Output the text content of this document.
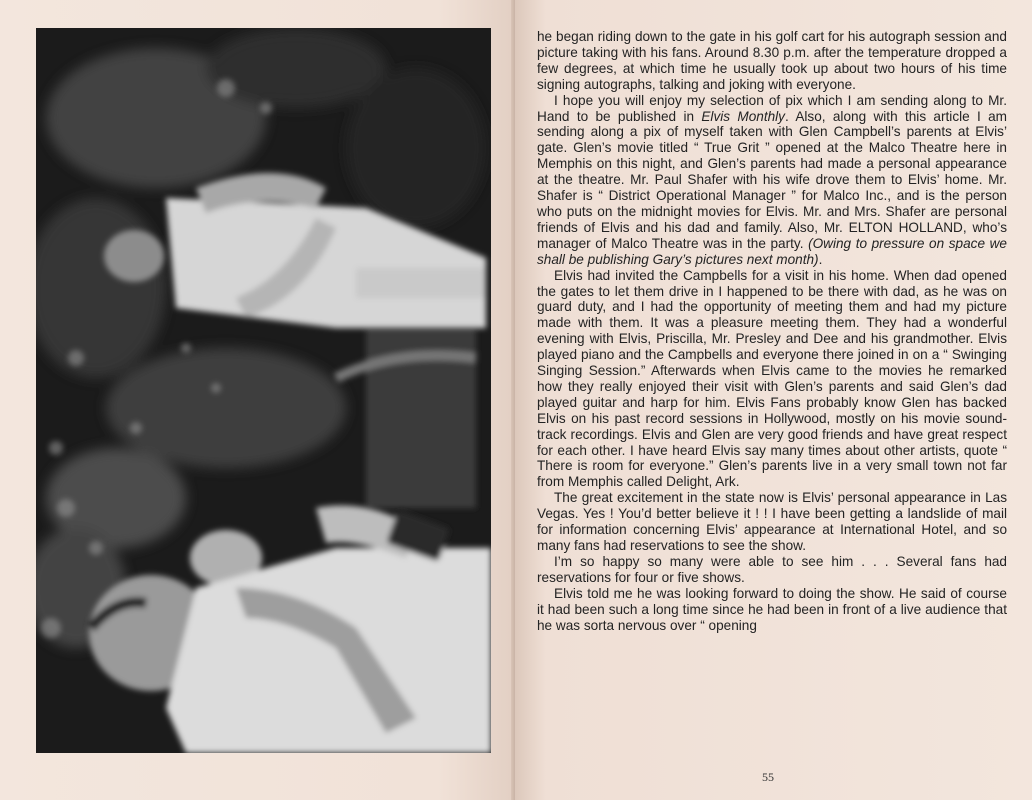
he began riding down to the gate in his golf cart for his autograph session and picture taking with his fans. Around 8.30 p.m. after the temperature dropped a few degrees, at which time he usually took up about two hours of his time signing autographs, talking and joking with everyone.

I hope you will enjoy my selection of pix which I am sending along to Mr. Hand to be published in Elvis Monthly. Also, along with this article I am sending along a pix of myself taken with Glen Campbell’s parents at Elvis’ gate. Glen’s movie titled “ True Grit ” opened at the Malco Theatre here in Memphis on this night, and Glen’s parents had made a personal appearance at the theatre. Mr. Paul Shafer with his wife drove them to Elvis’ home. Mr. Shafer is “ District Operational Manager ” for Malco Inc., and is the person who puts on the midnight movies for Elvis. Mr. and Mrs. Shafer are personal friends of Elvis and his dad and family. Also, Mr. ELTON HOLLAND, who’s manager of Malco Theatre was in the party. (Owing to pressure on space we shall be publishing Gary’s pictures next month).

Elvis had invited the Campbells for a visit in his home. When dad opened the gates to let them drive in I happened to be there with dad, as he was on guard duty, and I had the opportunity of meeting them and had my picture made with them. It was a pleasure meeting them. They had a wonderful evening with Elvis, Priscilla, Mr. Presley and Dee and his grandmother. Elvis played piano and the Campbells and everyone there joined in on a “ Swinging Singing Session.” Afterwards when Elvis came to the movies he remarked how they really enjoyed their visit with Glen’s parents and said Glen’s dad played guitar and harp for him. Elvis Fans probably know Glen has backed Elvis on his past record sessions in Hollywood, mostly on his movie sound-track recordings. Elvis and Glen are very good friends and have great respect for each other. I have heard Elvis say many times about other artists, quote “ There is room for everyone.” Glen’s parents live in a very small town not far from Memphis called Delight, Ark.

The great excitement in the state now is Elvis’ personal appearance in Las Vegas. Yes ! You’d better believe it ! ! I have been getting a landslide of mail for information concerning Elvis’ appearance at International Hotel, and so many fans had reservations to see the show.

I’m so happy so many were able to see him . . . Several fans had reservations for four or five shows.

Elvis told me he was looking forward to doing the show. He said of course it had been such a long time since he had been in front of a live audience that he was sorta nervous over “ opening

55
